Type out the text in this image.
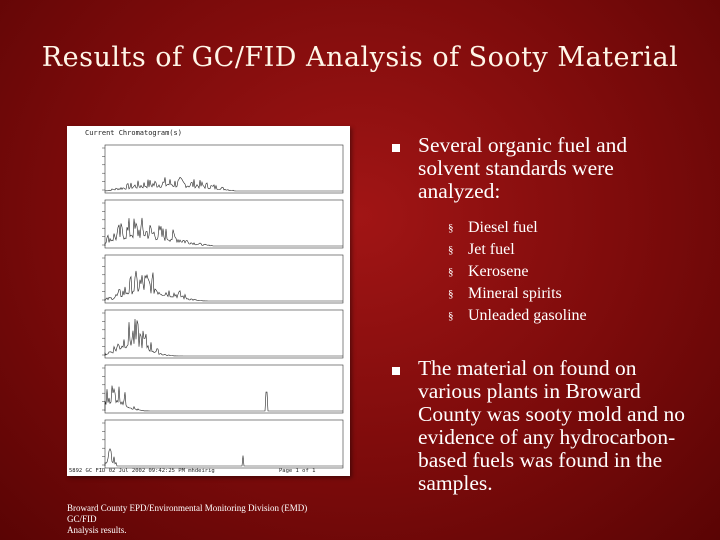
Results of GC/FID Analysis of Sooty Material
Current Chromatogram(s)
5892 GC FID 02 Jul 2002 09:42:25 PM mhdeirig	Page 1 of 1
Broward County EPD/Environmental Monitoring Division (EMD)
GC/FID
Analysis results.
Several organic fuel and solvent standards were analyzed:
§ Diesel fuel
§ Jet fuel
§ Kerosene
§ Mineral spirits
§ Unleaded gasoline
The material on found on various plants in Broward County was sooty mold and no evidence of any hydrocarbon-based fuels was found in the samples.
